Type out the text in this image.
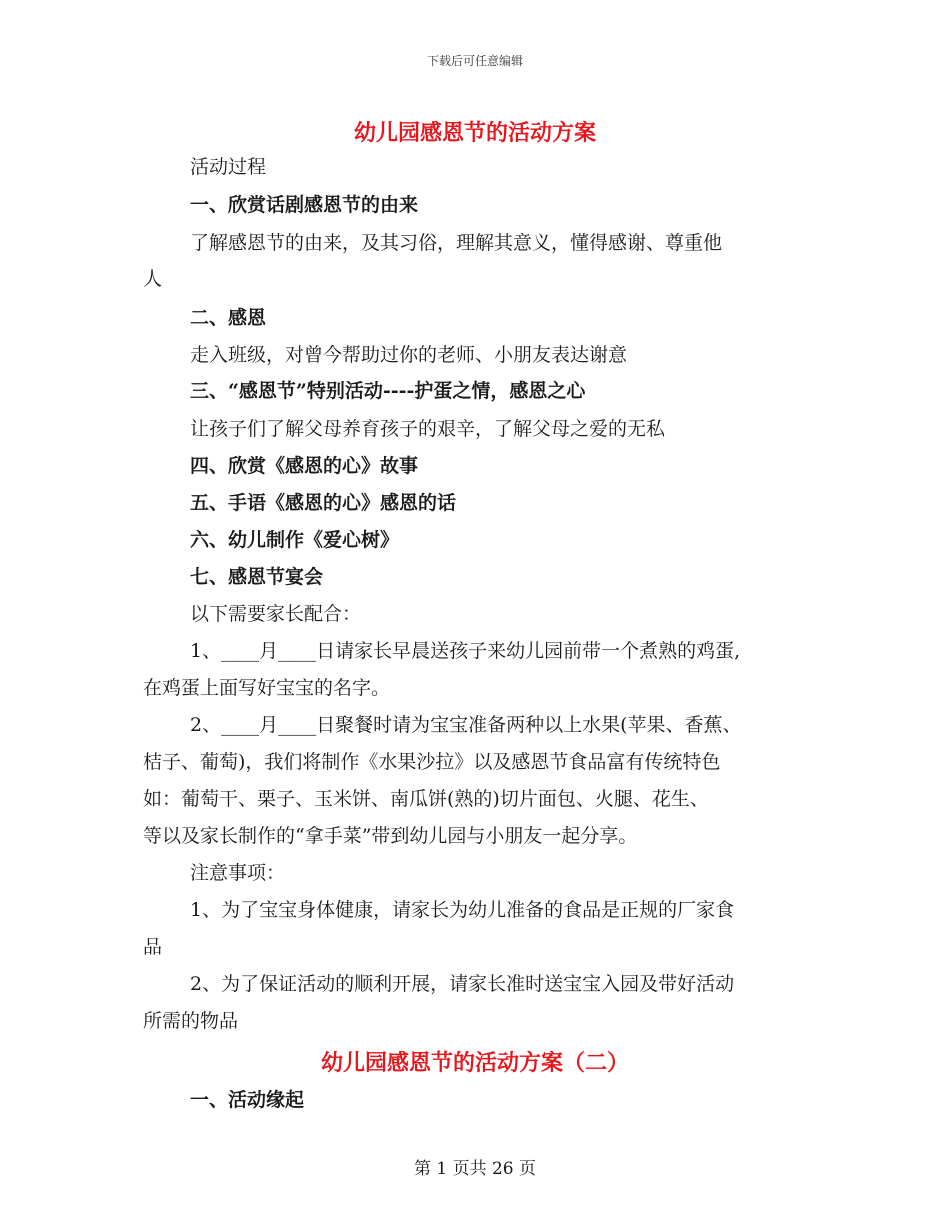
下载后可任意编辑
幼儿园感恩节的活动方案
活动过程
一、欣赏话剧感恩节的由来
了解感恩节的由来，及其习俗，理解其意义，懂得感谢、尊重他
人
二、感恩
走入班级，对曾今帮助过你的老师、小朋友表达谢意
三、“感恩节”特别活动----护蛋之情，感恩之心
让孩子们了解父母养育孩子的艰辛，了解父母之爱的无私
四、欣赏《感恩的心》故事
五、手语《感恩的心》感恩的话
六、幼儿制作《爱心树》
七、感恩节宴会
以下需要家长配合：
1、____月____日请家长早晨送孩子来幼儿园前带一个煮熟的鸡蛋,
在鸡蛋上面写好宝宝的名字。
2、____月____日聚餐时请为宝宝准备两种以上水果(苹果、香蕉、
桔子、葡萄)，我们将制作《水果沙拉》以及感恩节食品富有传统特色
如：葡萄干、栗子、玉米饼、南瓜饼(熟的)切片面包、火腿、花生、
等以及家长制作的“拿手菜”带到幼儿园与小朋友一起分享。
注意事项：
1、为了宝宝身体健康，请家长为幼儿准备的食品是正规的厂家食
品
2、为了保证活动的顺利开展，请家长准时送宝宝入园及带好活动
所需的物品
幼儿园感恩节的活动方案（二）
一、活动缘起
第 1 页共 26 页
